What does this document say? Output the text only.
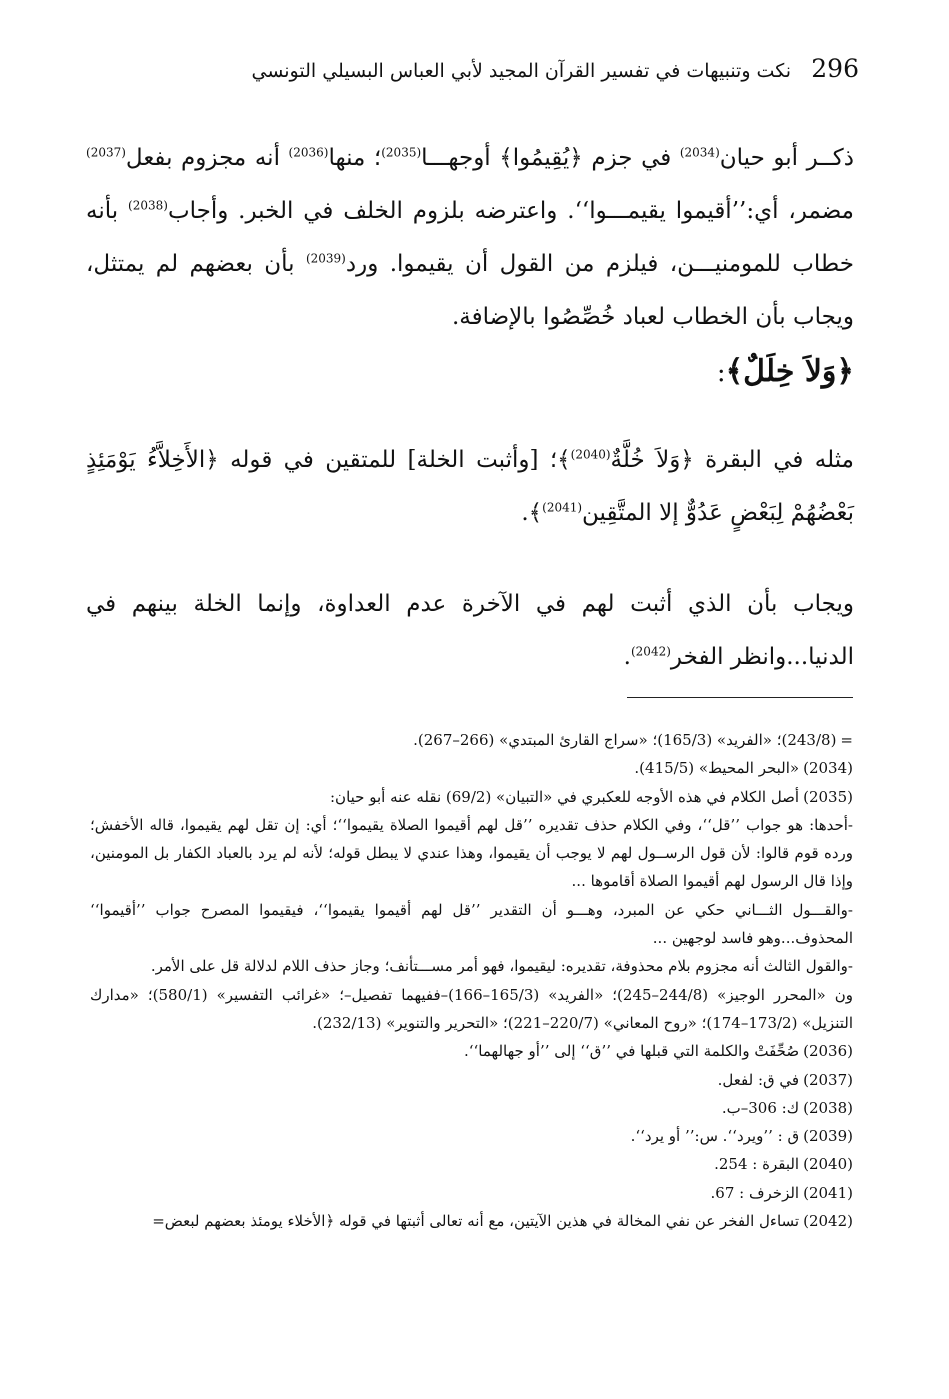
296
نكت وتنبيهات في تفسير القرآن المجيد لأبي العباس البسيلي التونسي

ذكــر أبو حيان$^{(2034)}$ في جزم ﴿يُقِيمُوا﴾ أوجهـــا$^{(2035)}$؛ منها$^{(2036)}$ أنه مجزوم بفعل$^{(2037)}$ مضمر، أي:’’أقيموا يقيمـــوا‘‘. واعترضه بلزوم الخلف في الخبر. وأجاب$^{(2038)}$ بأنه خطاب للمومنيـــن، فيلزم من القول أن يقيموا. ورد$^{(2039)}$ بأن بعضهم لم يمتثل، ويجاب بأن الخطاب لعباد خُصِّصُوا بالإضافة.

﴿وَلاَ خِلَلٌ﴾:

مثله في البقرة ﴿وَلاَ خُلَّةٌ$^{(2040)}$﴾؛ [وأثبت الخلة] للمتقين في قوله ﴿الأَخِلاَّءُ يَوْمَئِذٍ بَعْضُهُمْ لِبَعْضٍ عَدُوٌّ إلا المتَّقِين$^{(2041)}$﴾.

ويجاب بأن الذي أثبت لهم في الآخرة عدم العداوة، وإنما الخلة بينهم في الدنيا...وانظر الفخر$^{(2042)}$.

=(243/8)؛ «الفريد» (165/3)؛ «سراج القارئ المبتدي» (266–267).

(2034)«البحر المحيط» (415/5).

(2035)أصل الكلام في هذه الأوجه للعكبري في «التبيان» (69/2) نقله عنه أبو حيان:

-أحدها: هو جواب ’’قل‘‘، وفي الكلام حذف تقديره ’’قل لهم أقيموا الصلاة يقيموا‘‘؛ أي: إن تقل لهم يقيموا، قاله الأخفش؛ ورده قوم قالوا: لأن قول الرســول لهم لا يوجب أن يقيموا، وهذا عندي لا يبطل قوله؛ لأنه لم يرد بالعباد الكفار بل المومنين، وإذا قال الرسول لهم أقيموا الصلاة أقاموها ...

-والقـــول الثـــاني حكي عن المبرد، وهـــو أن التقدير ’’قل لهم أقيموا يقيموا‘‘، فيقيموا المصرح جواب ’’أقيموا‘‘ المحذوف...وهو فاسد لوجهين ...

-والقول الثالث أنه مجزوم بلام محذوفة، تقديره: ليقيموا، فهو أمر مســـتأنف؛ وجاز حذف اللام لدلالة قل على الأمر.

ون «المحرر الوجيز» (244/8–245)؛ «الفريد» (165/3–166)–ففيهما تفصيل–؛ «غرائب التفسير» (580/1)؛ «مدارك التنزيل» (173/2–174)؛ «روح المعاني» (220/7–221)؛ «التحرير والتنوير» (232/13).

(2036)صُحِّفَتْ والكلمة التي قبلها في ’’ق‘‘ إلى ’’أو جهالهما‘‘.

(2037)في ق: لفعل.

(2038)ك: 306–ب.

(2039)ق : ’’ويرد‘‘. س:’’ أو يرد‘‘.

(2040)البقرة : 254.

(2041)الزخرف : 67.

(2042)تساءل الفخر عن نفي المخالة في هذين الآيتين، مع أنه تعالى أثبتها في قوله ﴿الأخلاء يومئذ بعضهم لبعض=
